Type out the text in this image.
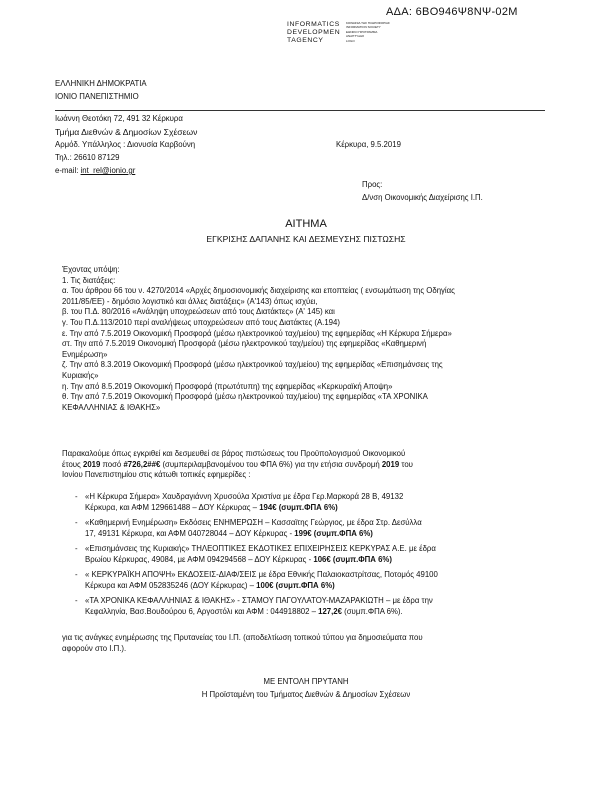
ΑΔΑ: 6ΒΟ946Ψ8ΝΨ-02Μ
INFORMATICS
DEVELOPMEN
TAGENCY
ΚΟΙΝΩΝΙΑ ΤΗΣ ΠΛΗΡΟΦΟΡΙΑΣ
INFORMATION SOCIETY
ΕΘΝΙΚΟ ΠΡΟΓΡΑΜΜΑ
ΑΝΑΠΤΥΞΗΣ
LOGO
ΕΛΛΗΝΙΚΗ ΔΗΜΟΚΡΑΤΙΑ
ΙΟΝΙΟ ΠΑΝΕΠΙΣΤΗΜΙΟ
Ιωάννη Θεοτόκη 72, 491 32 Κέρκυρα
Τμήμα Διεθνών & Δημοσίων Σχέσεων
Αρμόδ. Υπάλληλος : Διονυσία Καρβούνη	Κέρκυρα, 9.5.2019
Τηλ.: 26610 87129
e-mail: int_rel@ionio.gr
Προς:
Δ/νση Οικονομικής Διαχείρισης Ι.Π.
ΑΙΤΗΜΑ
ΕΓΚΡΙΣΗΣ ΔΑΠΑΝΗΣ ΚΑΙ ΔΕΣΜΕΥΣΗΣ ΠΙΣΤΩΣΗΣ
Έχοντας υπόψη:
1. Τις διατάξεις:
α. Του άρθρου 66 του ν. 4270/2014 «Αρχές δημοσιονομικής διαχείρισης και εποπτείας ( ενσωμάτωση της Οδηγίας
2011/85/ΕΕ) - δημόσιο λογιστικό και άλλες διατάξεις» (Α'143) όπως ισχύει,
β. του Π.Δ. 80/2016 «Ανάληψη υποχρεώσεων από τους Διατάκτες» (Α' 145) και
γ. Του Π.Δ.113/2010 περί αναλήψεως υποχρεώσεων από τους Διατάκτες (Α.194)
ε. Την από 7.5.2019 Οικονομική Προσφορά (μέσω ηλεκτρονικού ταχ/μείου) της εφημερίδας «Η Κέρκυρα Σήμερα»
στ. Την από 7.5.2019 Οικονομική Προσφορά (μέσω ηλεκτρονικού ταχ/μείου) της εφημερίδας «Καθημερινή
Ενημέρωση»
ζ. Την από 8.3.2019 Οικονομική Προσφορά (μέσω ηλεκτρονικού ταχ/μείου) της εφημερίδας «Επισημάνσεις της
Κυριακής»
η. Την από 8.5.2019 Οικονομική Προσφορά (πρωτότυπη) της εφημερίδας «Κερκυραϊκή Αποψη»
θ. Την από 7.5.2019 Οικονομική Προσφορά (μέσω ηλεκτρονικού ταχ/μείου) της εφημερίδας «ΤΑ ΧΡΟΝΙΚΑ
ΚΕΦΑΛΛΗΝΙΑΣ & ΙΘΑΚΗΣ»
Παρακαλούμε όπως εγκριθεί και δεσμευθεί σε βάρος πιστώσεως του Προϋπολογισμού Οικονομικού
έτους 2019 ποσό #726,2##€ (συμπεριλαμβανομένου του ΦΠΑ 6%) για την ετήσια συνδρομή 2019 του
Ιονίου Πανεπιστημίου στις κάτωθι τοπικές εφημερίδες :
- «Η Κέρκυρα Σήμερα» Χαυδραγιάννη Χρυσούλα Χριστίνα με έδρα Γερ.Μαρκορά 28 Β, 49132
Κέρκυρα, και ΑΦΜ 129661488 – ΔΟΥ Κέρκυρας – 194€ (συμπ.ΦΠΑ 6%)
- «Καθημερινή Ενημέρωση» Εκδόσεις ΕΝΗΜΕΡΩΣΗ – Κασσαϊτης Γεώργιος, με έδρα Στρ. Δεσύλλα
17, 49131 Κέρκυρα, και ΑΦΜ 040728044 – ΔΟΥ Κέρκυρας - 199€ (συμπ.ΦΠΑ 6%)
- «Επισημάνσεις της Κυριακής» ΤΗΛΕΟΠΤΙΚΕΣ ΕΚΔΟΤΙΚΕΣ ΕΠΙΧΕΙΡΗΣΕΙΣ ΚΕΡΚΥΡΑΣ Α.Ε. με έδρα
Βρωίου Κέρκυρας, 49084, με ΑΦΜ 094294568 – ΔΟΥ Κέρκυρας - 106€ (συμπ.ΦΠΑ 6%)
- « ΚΕΡΚΥΡΑΪΚΗ ΑΠΟΨΗ» ΕΚΔΟΣΕΙΣ-ΔΙΑΦ/ΣΕΙΣ με έδρα Εθνικής Παλαιοκαστρίτσας, Ποτομός 49100
Κέρκυρα και ΑΦΜ 052835246 (ΔΟΥ Κέρκυρας) – 100€ (συμπ.ΦΠΑ 6%)
- «ΤΑ ΧΡΟΝΙΚΑ ΚΕΦΑΛΛΗΝΙΑΣ & ΙΘΑΚΗΣ» - ΣΤΑΜΟΥ ΠΑΓΟΥΛΑΤΟΥ-ΜΑΖΑΡΑΚΙΩΤΗ – με έδρα την
Κεφαλληνία, Βασ.Βουδούρου 6, Αργοστόλι και ΑΦΜ : 044918802 – 127,2€ (συμπ.ΦΠΑ 6%).
για τις ανάγκες ενημέρωσης της Πρυτανείας του Ι.Π. (αποδελτίωση τοπικού τύπου για δημοσιεύματα που
αφορούν στο Ι.Π.).
ΜΕ ΕΝΤΟΛΗ ΠΡΥΤΑΝΗ
Η Προϊσταμένη του Τμήματος Διεθνών & Δημοσίων Σχέσεων
